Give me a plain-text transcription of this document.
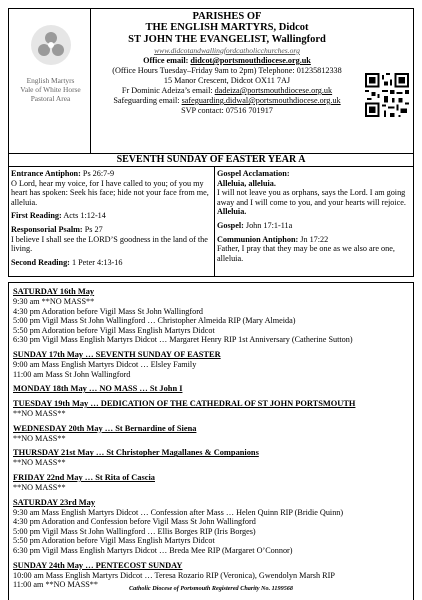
English Martyrs
Vale of White Horse
Pastoral Area
PARISHES OF
THE ENGLISH MARTYRS, Didcot
ST JOHN THE EVANGELIST, Wallingford
www.didcotandwallingfordcatholicchurches.org
Office email: didcot@portsmouthdiocese.org.uk
(Office Hours Tuesday–Friday 9am to 2pm) Telephone: 01235812338
15 Manor Crescent, Didcot OX11 7AJ
Fr Dominic Adeiza’s email: dadeiza@portsmouthdiocese.org.uk
Safeguarding email: safeguarding.didwal@portsmouthdiocese.org.uk
SVP contact: 07516 701917
SEVENTH SUNDAY OF EASTER YEAR A
Entrance Antiphon: Ps 26:7-9
O Lord, hear my voice, for I have called to you; of you my heart has spoken: Seek his face; hide not your face from me, alleluia.
First Reading: Acts 1:12-14
Responsorial Psalm: Ps 27
I believe I shall see the LORD’S goodness in the land of the living.
Second Reading: 1 Peter 4:13-16
Gospel Acclamation:
Alleluia, alleluia.
I will not leave you as orphans, says the Lord. I am going away and I will come to you, and your hearts will rejoice.
Alleluia.
Gospel: John 17:1-11a
Communion Antiphon: Jn 17:22
Father, I pray that they may be one as we also are one, alleluia.
SATURDAY 16th May
9:30 am **NO MASS**
4:30 pm Adoration before Vigil Mass St John Wallingford
5:00 pm Vigil Mass St John Wallingford … Christopher Almeida RIP (Mary Almeida)
5:50 pm Adoration before Vigil Mass English Martyrs Didcot
6:30 pm Vigil Mass English Martyrs Didcot … Margaret Henry RIP 1st Anniversary (Catherine Sutton)
SUNDAY 17th May … SEVENTH SUNDAY OF EASTER
9:00 am Mass English Martyrs Didcot … Elsley Family
11:00 am Mass St John Wallingford
MONDAY 18th May … NO MASS … St John I
TUESDAY 19th May … DEDICATION OF THE CATHEDRAL OF ST JOHN PORTSMOUTH
**NO MASS**
WEDNESDAY 20th May … St Bernardine of Siena
**NO MASS**
THURSDAY 21st May … St Christopher Magallanes & Companions
**NO MASS**
FRIDAY 22nd May … St Rita of Cascia
**NO MASS**
SATURDAY 23rd May
9:30 am Mass English Martyrs Didcot … Confession after Mass … Helen Quinn RIP (Bridie Quinn)
4:30 pm Adoration and Confession before Vigil Mass St John Wallingford
5:00 pm Vigil Mass St John Wallingford … Ellis Borges RIP (Iris Borges)
5:50 pm Adoration before Vigil Mass English Martyrs Didcot
6:30 pm Vigil Mass English Martyrs Didcot … Breda Mee RIP (Margaret O’Connor)
SUNDAY 24th May … PENTECOST SUNDAY
10:00 am Mass English Martyrs Didcot … Teresa Rozario RIP (Veronica), Gwendolyn Marsh RIP
11:00 am **NO MASS**	Catholic Diocese of Portsmouth Registered Charity No. 1199568
